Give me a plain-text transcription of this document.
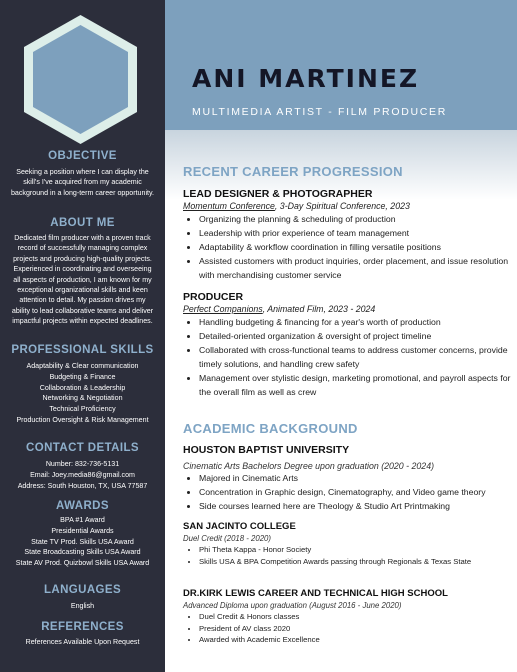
ANI MARTINEZ
MULTIMEDIA ARTIST - FILM PRODUCER
OBJECTIVE
Seeking a position where I can display the skill's I've acquired from my academic background in a long-term career opportunity.
ABOUT ME
Dedicated film producer with a proven track record of successfully managing complex projects and producing high-quality projects. Experienced in coordinating and overseeing all aspects of production, I am known for my exceptional organizational skills and keen attention to detail. My passion drives my ability to lead collaborative teams and deliver impactful projects within expected deadlines.
PROFESSIONAL SKILLS
Adaptability & Clear communication
Budgeting & Finance
Collaboration & Leadership
Networking & Negotiation
Technical Proficiency
Production Oversight & Risk Management
CONTACT DETAILS
Number: 832-736-5131
Email: Joey.media86@gmail.com
Address: South Houston, TX, USA 77587
AWARDS
BPA #1 Award
Presidential Awards
State TV Prod. Skills USA Award
State Broadcasting Skills USA Award
State AV Prod. Quizbowl Skills USA Award
LANGUAGES
English
REFERENCES
References Available Upon Request
RECENT CAREER PROGRESSION
LEAD DESIGNER & PHOTOGRAPHER
Momentum Conference, 3-Day Spiritual Conference, 2023
• Organizing the planning & scheduling of production
• Leadership with prior experience of team management
• Adaptability & workflow coordination in filling versatile positions
• Assisted customers with product inquiries, order placement, and issue resolution with merchandising customer service
PRODUCER
Perfect Companions, Animated Film, 2023 - 2024
• Handling budgeting & financing for a year's worth of production
• Detailed-oriented organization & oversight of project timeline
• Collaborated with cross-functional teams to address customer concerns, provide timely solutions, and handling crew safety
• Management over stylistic design, marketing promotional, and payroll aspects for the overall film as well as crew
ACADEMIC BACKGROUND
HOUSTON BAPTIST UNIVERSITY
Cinematic Arts Bachelors Degree upon graduation (2020 - 2024)
• Majored in Cinematic Arts
• Concentration in Graphic design, Cinematography, and Video game theory
• Side courses learned here are Theology & Studio Art Printmaking
SAN JACINTO COLLEGE
Duel Credit (2018 - 2020)
• Phi Theta Kappa - Honor Society
• Skills USA & BPA Competition Awards passing through Regionals & Texas State
DR.KIRK LEWIS CAREER AND TECHNICAL HIGH SCHOOL
Advanced Diploma upon graduation (August 2016 - June 2020)
• Duel Credit & Honors classes
• President of AV class 2020
• Awarded with Academic Excellence
